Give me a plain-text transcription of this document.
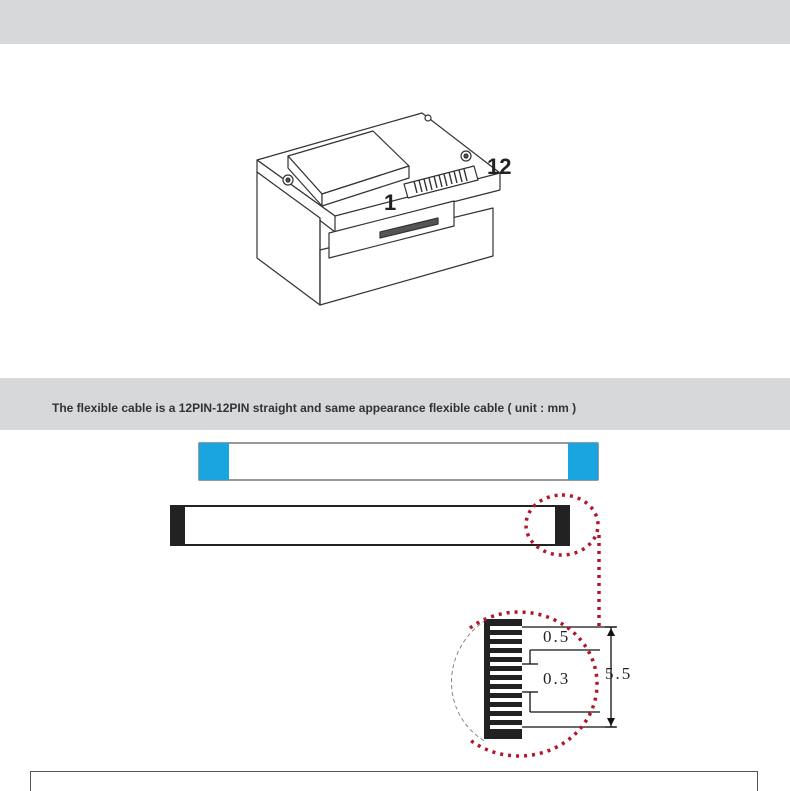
1
12
0.5
0.3 5.5
The flexible cable is a 12PIN-12PIN straight and same appearance flexible cable ( unit : mm )
